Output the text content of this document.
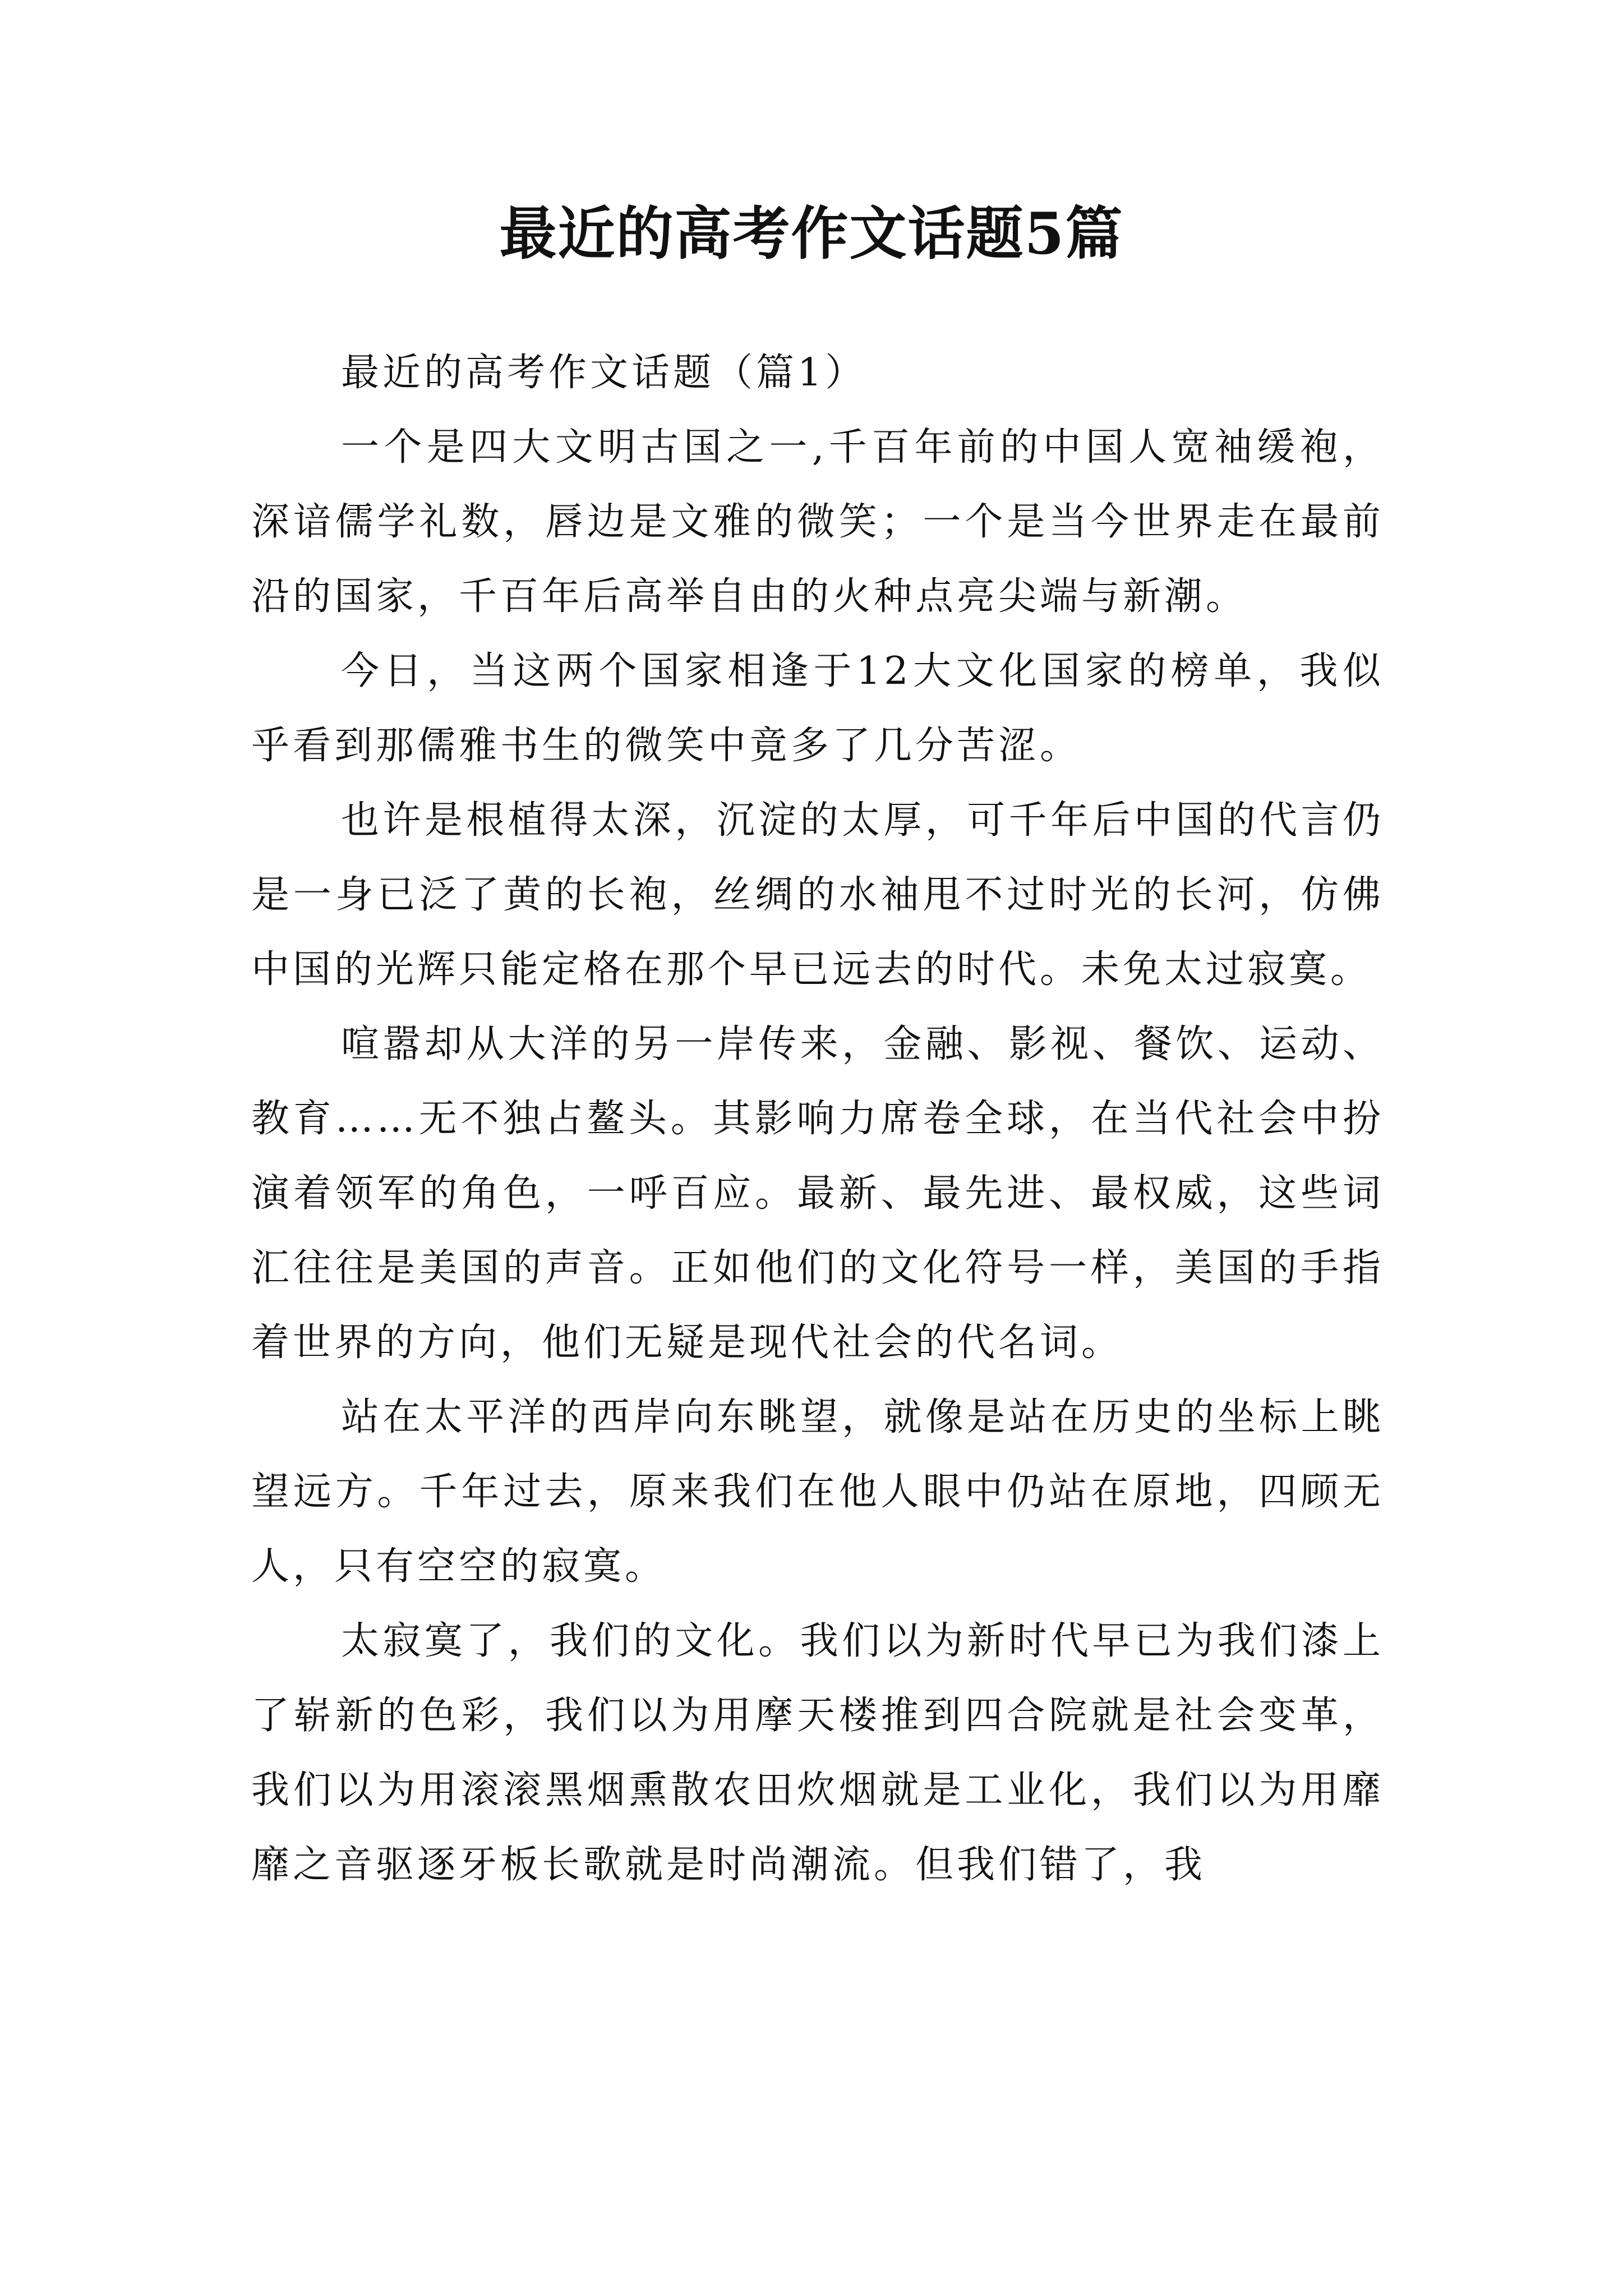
最近的高考作文话题5篇

最近的高考作文话题（篇1）

一个是四大文明古国之一,千百年前的中国人宽袖缓袍，深谙儒学礼数，唇边是文雅的微笑；一个是当今世界走在最前沿的国家，千百年后高举自由的火种点亮尖端与新潮。

今日，当这两个国家相逢于12大文化国家的榜单，我似乎看到那儒雅书生的微笑中竟多了几分苦涩。

也许是根植得太深，沉淀的太厚，可千年后中国的代言仍是一身已泛了黄的长袍，丝绸的水袖甩不过时光的长河，仿佛中国的光辉只能定格在那个早已远去的时代。未免太过寂寞。

喧嚣却从大洋的另一岸传来，金融、影视、餐饮、运动、教育……无不独占鳌头。其影响力席卷全球，在当代社会中扮演着领军的角色，一呼百应。最新、最先进、最权威，这些词汇往往是美国的声音。正如他们的文化符号一样，美国的手指着世界的方向，他们无疑是现代社会的代名词。

站在太平洋的西岸向东眺望，就像是站在历史的坐标上眺望远方。千年过去，原来我们在他人眼中仍站在原地，四顾无人，只有空空的寂寞。

太寂寞了，我们的文化。我们以为新时代早已为我们漆上了崭新的色彩，我们以为用摩天楼推到四合院就是社会变革，我们以为用滚滚黑烟熏散农田炊烟就是工业化，我们以为用靡靡之音驱逐牙板长歌就是时尚潮流。但我们错了，我
